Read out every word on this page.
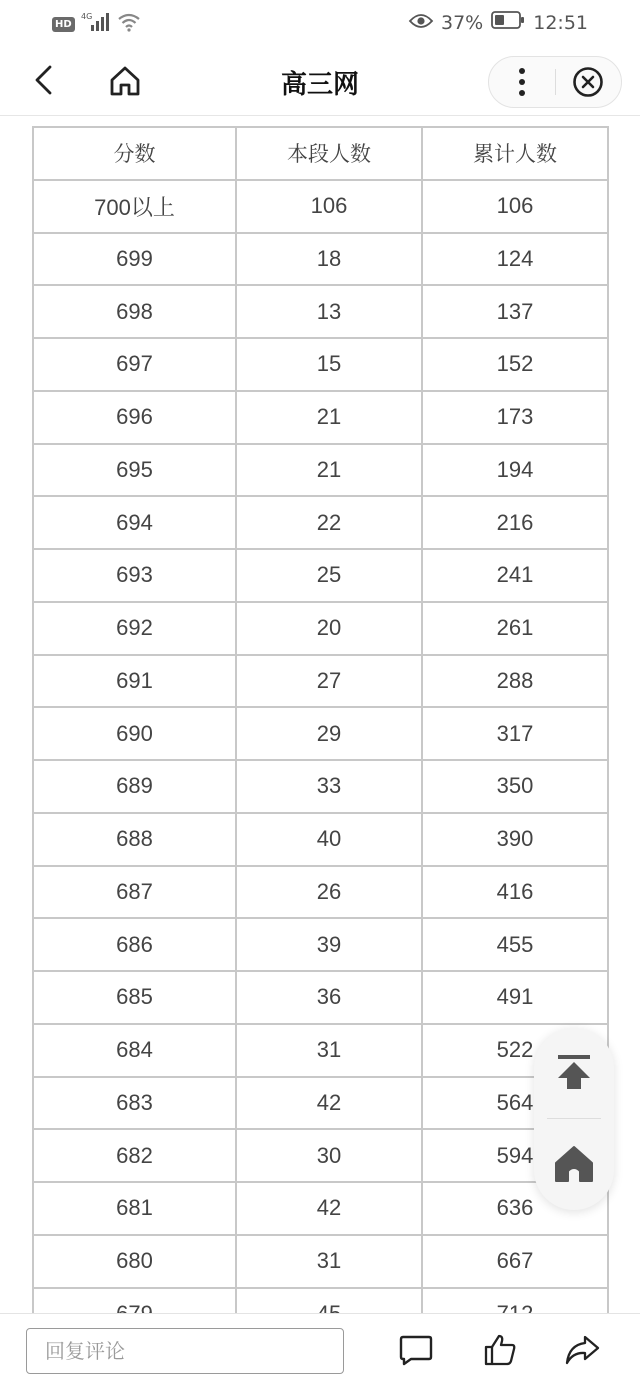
HD
4G	37%	12:51
高三网
分数	本段人数	累计人数
700以上	106	106
699	18	124
698	13	137
697	15	152
696	21	173
695	21	194
694	22	216
693	25	241
692	20	261
691	27	288
690	29	317
689	33	350
688	40	390
687	26	416
686	39	455
685	36	491
684	31	522
683	42	564
682	30	594
681	42	636
680	31	667

回复评论
